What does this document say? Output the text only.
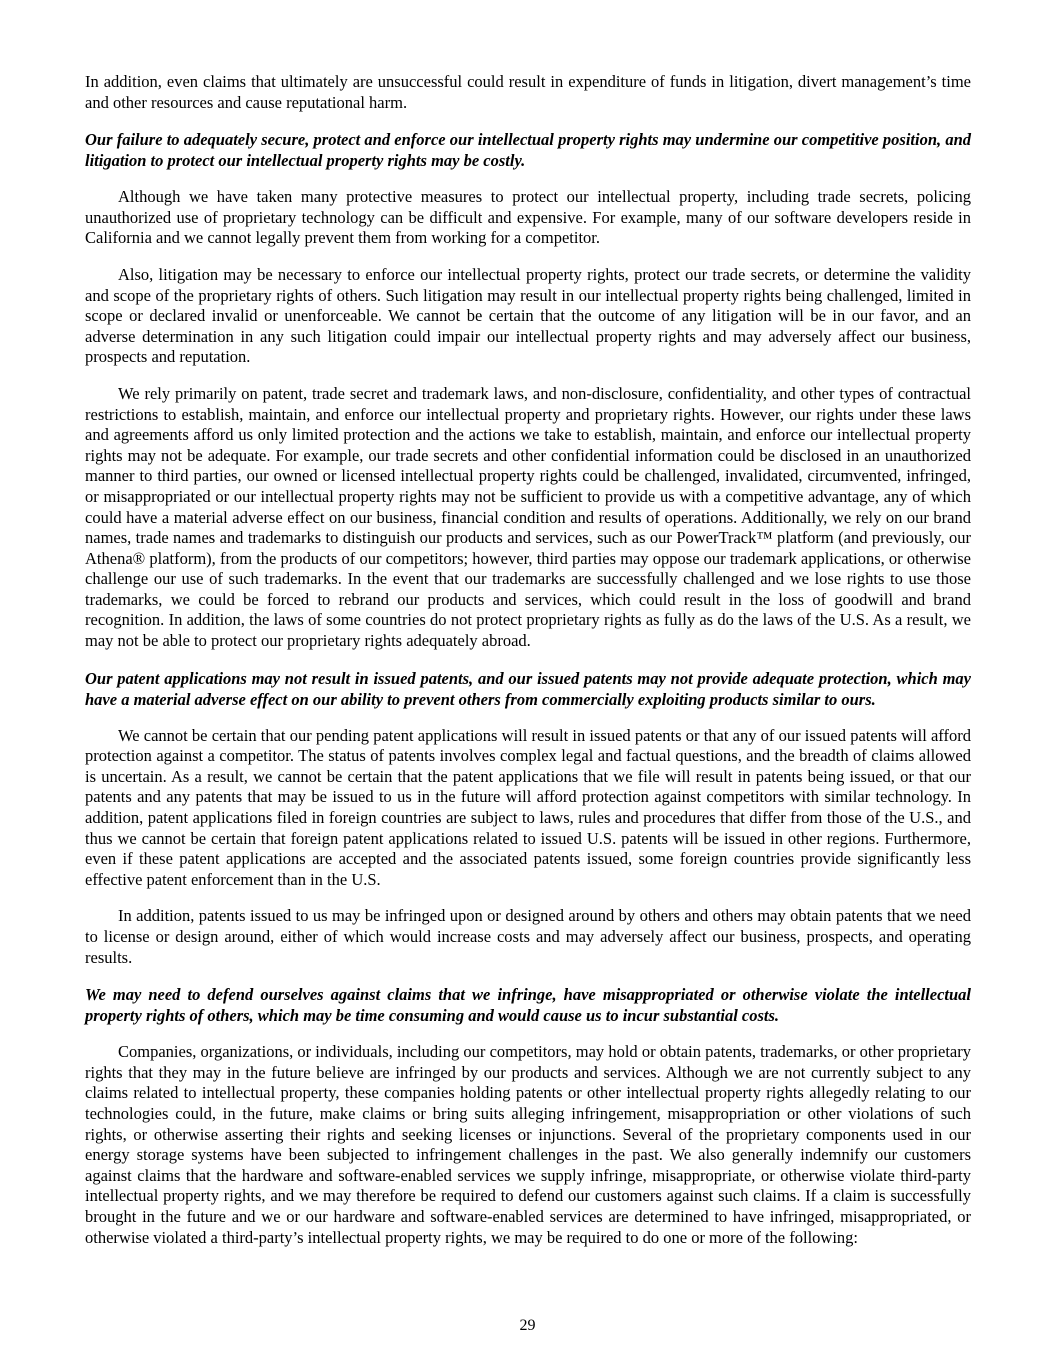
In addition, even claims that ultimately are unsuccessful could result in expenditure of funds in litigation, divert management’s time and other resources and cause reputational harm.

Our failure to adequately secure, protect and enforce our intellectual property rights may undermine our competitive position, and litigation to protect our intellectual property rights may be costly.

Although we have taken many protective measures to protect our intellectual property, including trade secrets, policing unauthorized use of proprietary technology can be difficult and expensive. For example, many of our software developers reside in California and we cannot legally prevent them from working for a competitor.

Also, litigation may be necessary to enforce our intellectual property rights, protect our trade secrets, or determine the validity and scope of the proprietary rights of others. Such litigation may result in our intellectual property rights being challenged, limited in scope or declared invalid or unenforceable. We cannot be certain that the outcome of any litigation will be in our favor, and an adverse determination in any such litigation could impair our intellectual property rights and may adversely affect our business, prospects and reputation.

We rely primarily on patent, trade secret and trademark laws, and non-disclosure, confidentiality, and other types of contractual restrictions to establish, maintain, and enforce our intellectual property and proprietary rights. However, our rights under these laws and agreements afford us only limited protection and the actions we take to establish, maintain, and enforce our intellectual property rights may not be adequate. For example, our trade secrets and other confidential information could be disclosed in an unauthorized manner to third parties, our owned or licensed intellectual property rights could be challenged, invalidated, circumvented, infringed, or misappropriated or our intellectual property rights may not be sufficient to provide us with a competitive advantage, any of which could have a material adverse effect on our business, financial condition and results of operations. Additionally, we rely on our brand names, trade names and trademarks to distinguish our products and services, such as our PowerTrack™ platform (and previously, our Athena® platform), from the products of our competitors; however, third parties may oppose our trademark applications, or otherwise challenge our use of such trademarks. In the event that our trademarks are successfully challenged and we lose rights to use those trademarks, we could be forced to rebrand our products and services, which could result in the loss of goodwill and brand recognition. In addition, the laws of some countries do not protect proprietary rights as fully as do the laws of the U.S. As a result, we may not be able to protect our proprietary rights adequately abroad.

Our patent applications may not result in issued patents, and our issued patents may not provide adequate protection, which may have a material adverse effect on our ability to prevent others from commercially exploiting products similar to ours.

We cannot be certain that our pending patent applications will result in issued patents or that any of our issued patents will afford protection against a competitor. The status of patents involves complex legal and factual questions, and the breadth of claims allowed is uncertain. As a result, we cannot be certain that the patent applications that we file will result in patents being issued, or that our patents and any patents that may be issued to us in the future will afford protection against competitors with similar technology. In addition, patent applications filed in foreign countries are subject to laws, rules and procedures that differ from those of the U.S., and thus we cannot be certain that foreign patent applications related to issued U.S. patents will be issued in other regions. Furthermore, even if these patent applications are accepted and the associated patents issued, some foreign countries provide significantly less effective patent enforcement than in the U.S.

In addition, patents issued to us may be infringed upon or designed around by others and others may obtain patents that we need to license or design around, either of which would increase costs and may adversely affect our business, prospects, and operating results.

We may need to defend ourselves against claims that we infringe, have misappropriated or otherwise violate the intellectual property rights of others, which may be time consuming and would cause us to incur substantial costs.

Companies, organizations, or individuals, including our competitors, may hold or obtain patents, trademarks, or other proprietary rights that they may in the future believe are infringed by our products and services. Although we are not currently subject to any claims related to intellectual property, these companies holding patents or other intellectual property rights allegedly relating to our technologies could, in the future, make claims or bring suits alleging infringement, misappropriation or other violations of such rights, or otherwise asserting their rights and seeking licenses or injunctions. Several of the proprietary components used in our energy storage systems have been subjected to infringement challenges in the past. We also generally indemnify our customers against claims that the hardware and software-enabled services we supply infringe, misappropriate, or otherwise violate third-party intellectual property rights, and we may therefore be required to defend our customers against such claims. If a claim is successfully brought in the future and we or our hardware and software-enabled services are determined to have infringed, misappropriated, or otherwise violated a third-party’s intellectual property rights, we may be required to do one or more of the following:

29
